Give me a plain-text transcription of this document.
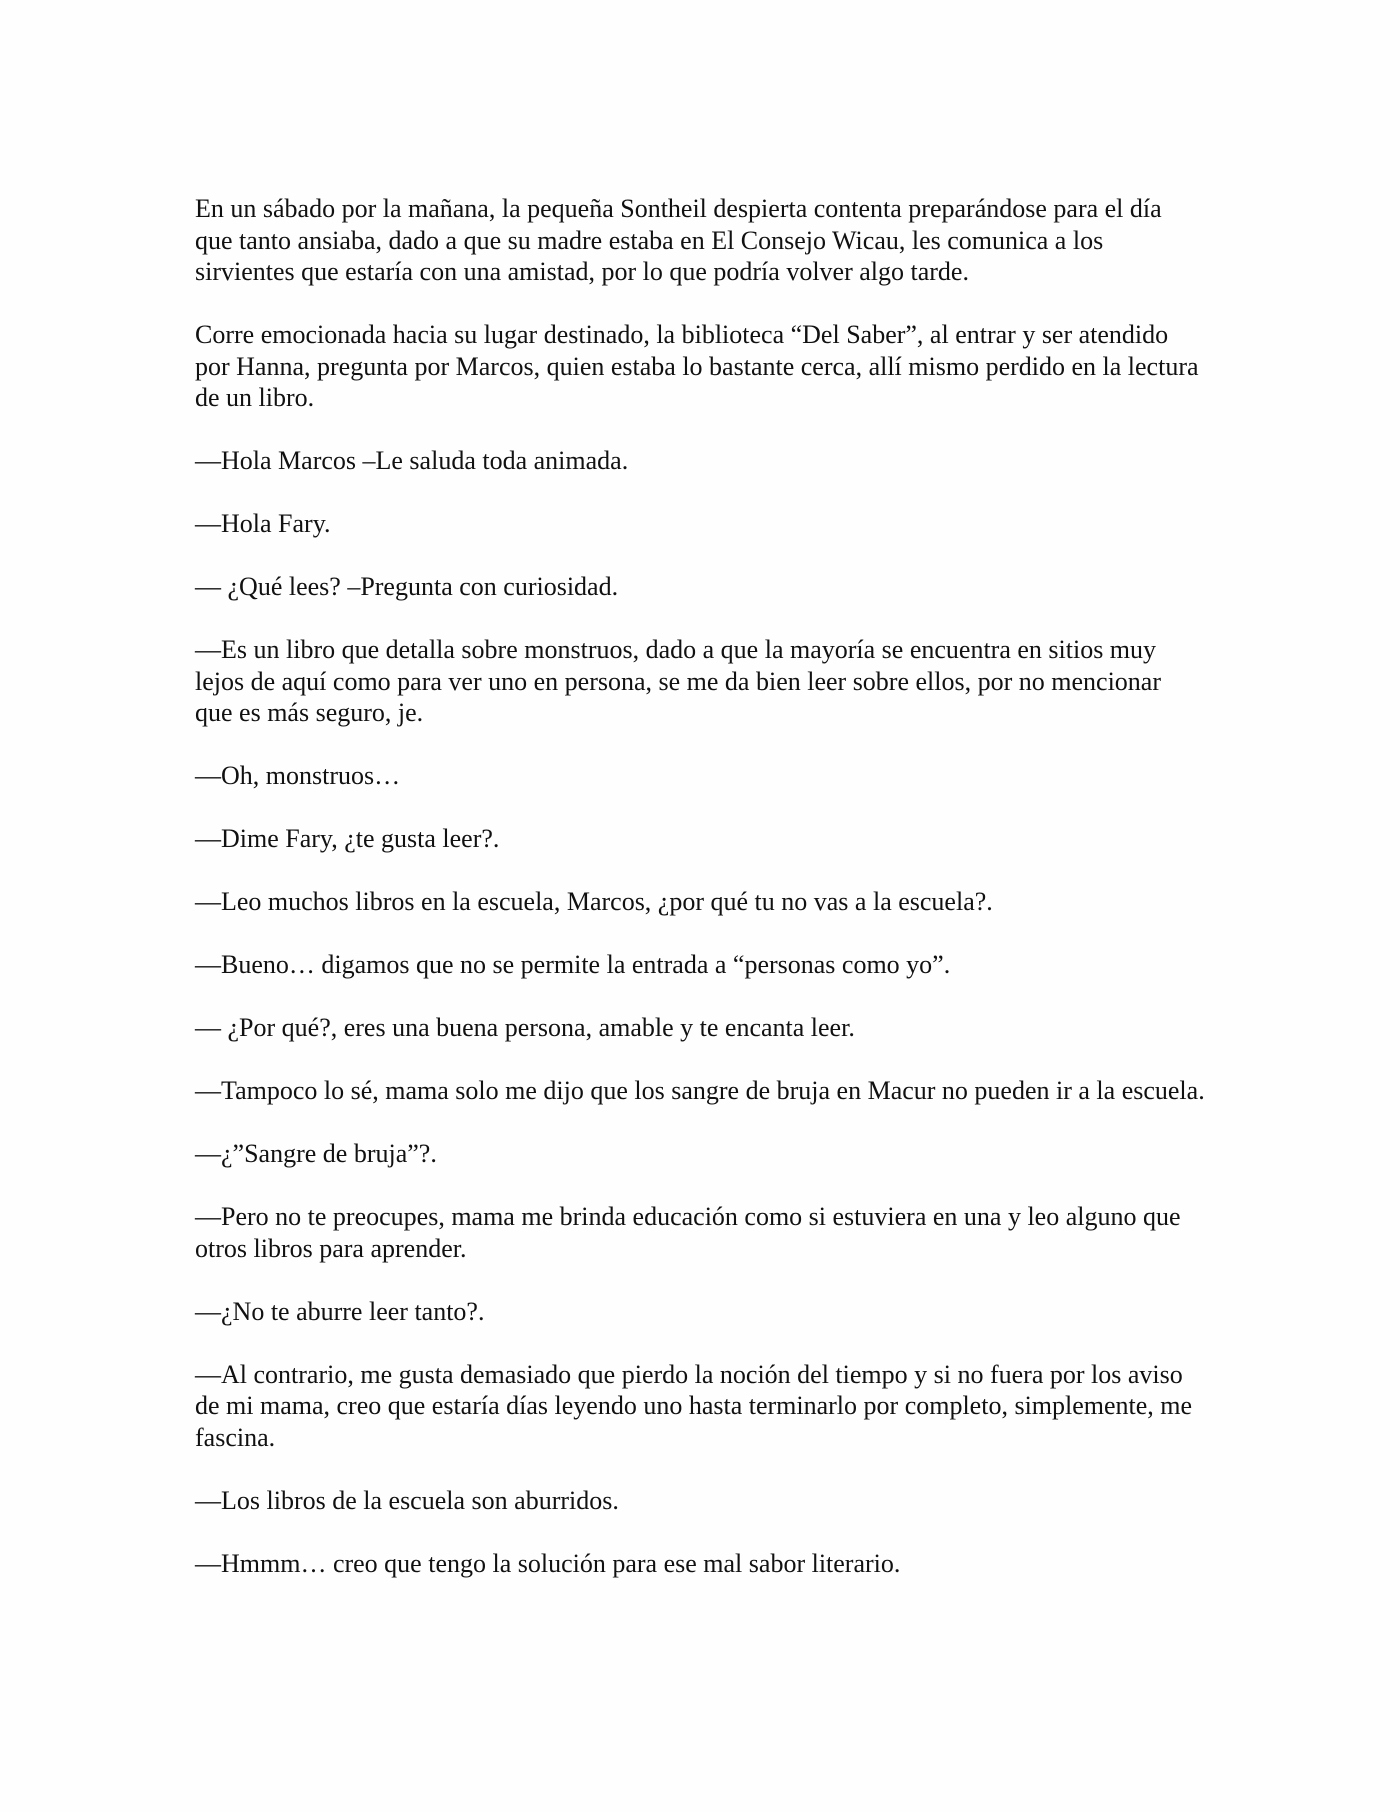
En un sábado por la mañana, la pequeña Sontheil despierta contenta preparándose para el día que tanto ansiaba, dado a que su madre estaba en El Consejo Wicau, les comunica a los sirvientes que estaría con una amistad, por lo que podría volver algo tarde.

Corre emocionada hacia su lugar destinado, la biblioteca “Del Saber”, al entrar y ser atendido por Hanna, pregunta por Marcos, quien estaba lo bastante cerca, allí mismo perdido en la lectura de un libro.

—Hola Marcos –Le saluda toda animada.

—Hola Fary.

— ¿Qué lees? –Pregunta con curiosidad.

—Es un libro que detalla sobre monstruos, dado a que la mayoría se encuentra en sitios muy lejos de aquí como para ver uno en persona, se me da bien leer sobre ellos, por no mencionar que es más seguro, je.

—Oh, monstruos…

—Dime Fary, ¿te gusta leer?.

—Leo muchos libros en la escuela, Marcos, ¿por qué tu no vas a la escuela?.

—Bueno… digamos que no se permite la entrada a “personas como yo”.

— ¿Por qué?, eres una buena persona, amable y te encanta leer.

—Tampoco lo sé, mama solo me dijo que los sangre de bruja en Macur no pueden ir a la escuela.

—¿”Sangre de bruja”?.

—Pero no te preocupes, mama me brinda educación como si estuviera en una y leo alguno que otros libros para aprender.

—¿No te aburre leer tanto?.

—Al contrario, me gusta demasiado que pierdo la noción del tiempo y si no fuera por los aviso de mi mama, creo que estaría días leyendo uno hasta terminarlo por completo, simplemente, me fascina.

—Los libros de la escuela son aburridos.

—Hmmm… creo que tengo la solución para ese mal sabor literario.
